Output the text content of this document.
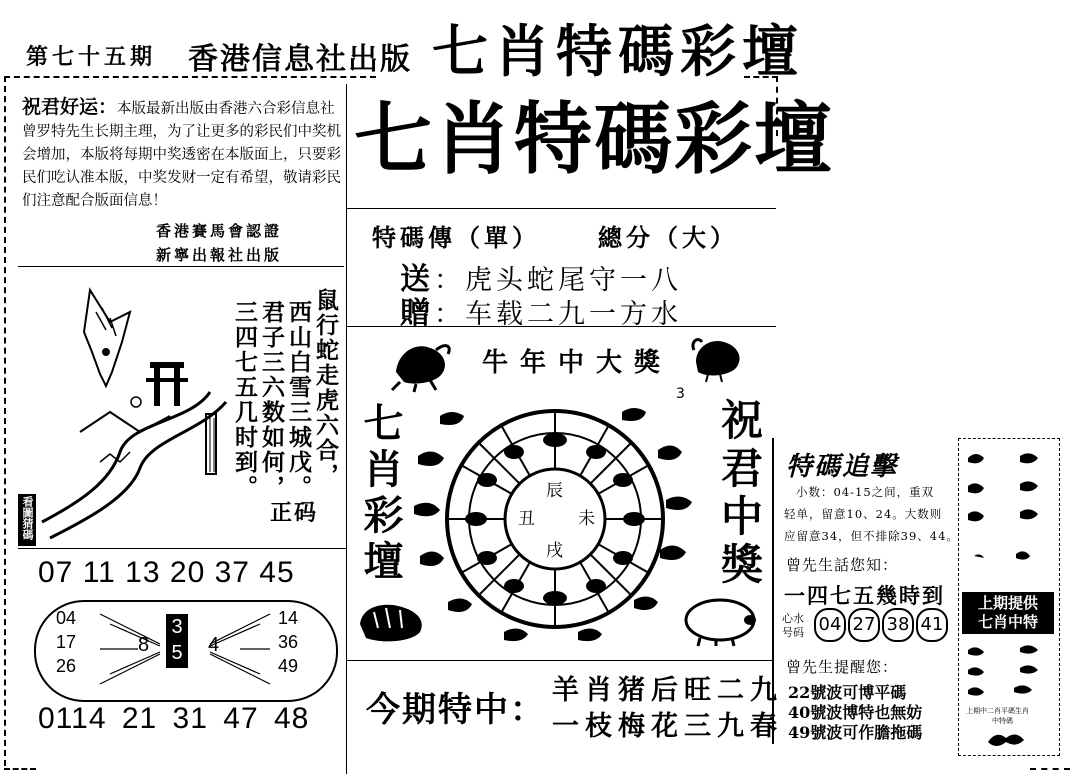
第七十五期 香港信息社出版 七肖特碼彩壇
祝君好运：本版最新出版由香港六合彩信息社曾罗特先生长期主理，为了让更多的彩民们中奖机会增加，本版将每期中奖透密在本版面上，只要彩民们吃认准本版，中奖发财一定有希望，敬请彩民们注意配合版面信息！
香港賽馬會認證
新寧出報社出版
七肖特碼彩壇
特碼傳（單） 總分（大）
送：虎头蛇尾守一八
贈：车载二九一方水
鼠行蛇走虎六合，
西山白雪三城戊。
君子三六数如何，
三四七五几时到。
正码
看圖猜碼
07 11 13 20 37 45
04
17
26
14
36
49
8
3
5 4
0114 21 31 47 48
牛年中大獎
3
七肖彩壇	祝君中獎
辰
丑	未
戌
今期特中： 羊肖猪后旺二九
一枝梅花三九春
特碼追擊
小数：04-15之间，重双
轻单，留意10、24。大数则
应留意34，但不排除39、44。
曾先生話您知：
一四七五幾時到
心水
号码 04 27 38 41
曾先生提醒您：
22號波可博平碼
40號波博特也無妨
49號波可作膽拖碼
上期提供
七肖中特
上期中二肖平碼生肖
中特碼
